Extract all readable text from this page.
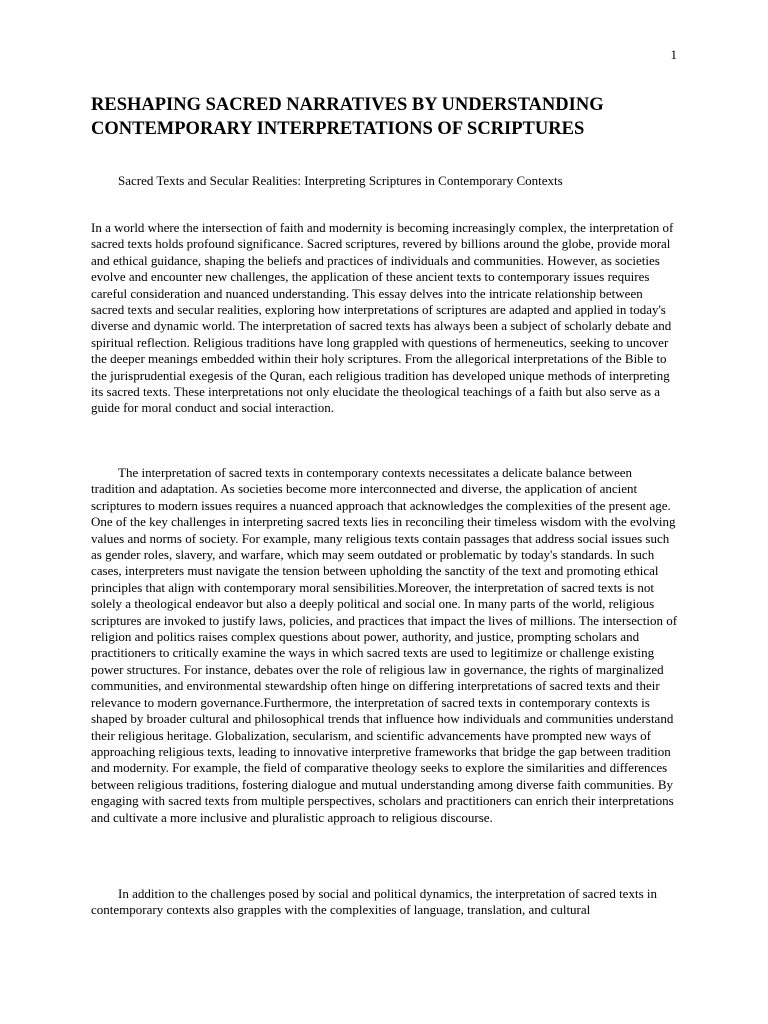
1
RESHAPING SACRED NARRATIVES BY UNDERSTANDING CONTEMPORARY INTERPRETATIONS OF SCRIPTURES

Sacred Texts and Secular Realities: Interpreting Scriptures in Contemporary Contexts

In a world where the intersection of faith and modernity is becoming increasingly complex, the interpretation of sacred texts holds profound significance. Sacred scriptures, revered by billions around the globe, provide moral and ethical guidance, shaping the beliefs and practices of individuals and communities. However, as societies evolve and encounter new challenges, the application of these ancient texts to contemporary issues requires careful consideration and nuanced understanding. This essay delves into the intricate relationship between sacred texts and secular realities, exploring how interpretations of scriptures are adapted and applied in today's diverse and dynamic world. The interpretation of sacred texts has always been a subject of scholarly debate and spiritual reflection. Religious traditions have long grappled with questions of hermeneutics, seeking to uncover the deeper meanings embedded within their holy scriptures. From the allegorical interpretations of the Bible to the jurisprudential exegesis of the Quran, each religious tradition has developed unique methods of interpreting its sacred texts. These interpretations not only elucidate the theological teachings of a faith but also serve as a guide for moral conduct and social interaction.

The interpretation of sacred texts in contemporary contexts necessitates a delicate balance between tradition and adaptation. As societies become more interconnected and diverse, the application of ancient scriptures to modern issues requires a nuanced approach that acknowledges the complexities of the present age. One of the key challenges in interpreting sacred texts lies in reconciling their timeless wisdom with the evolving values and norms of society. For example, many religious texts contain passages that address social issues such as gender roles, slavery, and warfare, which may seem outdated or problematic by today's standards. In such cases, interpreters must navigate the tension between upholding the sanctity of the text and promoting ethical principles that align with contemporary moral sensibilities.Moreover, the interpretation of sacred texts is not solely a theological endeavor but also a deeply political and social one. In many parts of the world, religious scriptures are invoked to justify laws, policies, and practices that impact the lives of millions. The intersection of religion and politics raises complex questions about power, authority, and justice, prompting scholars and practitioners to critically examine the ways in which sacred texts are used to legitimize or challenge existing power structures. For instance, debates over the role of religious law in governance, the rights of marginalized communities, and environmental stewardship often hinge on differing interpretations of sacred texts and their relevance to modern governance.Furthermore, the interpretation of sacred texts in contemporary contexts is shaped by broader cultural and philosophical trends that influence how individuals and communities understand their religious heritage. Globalization, secularism, and scientific advancements have prompted new ways of approaching religious texts, leading to innovative interpretive frameworks that bridge the gap between tradition and modernity. For example, the field of comparative theology seeks to explore the similarities and differences between religious traditions, fostering dialogue and mutual understanding among diverse faith communities. By engaging with sacred texts from multiple perspectives, scholars and practitioners can enrich their interpretations and cultivate a more inclusive and pluralistic approach to religious discourse.

In addition to the challenges posed by social and political dynamics, the interpretation of sacred texts in contemporary contexts also grapples with the complexities of language, translation, and cultural
